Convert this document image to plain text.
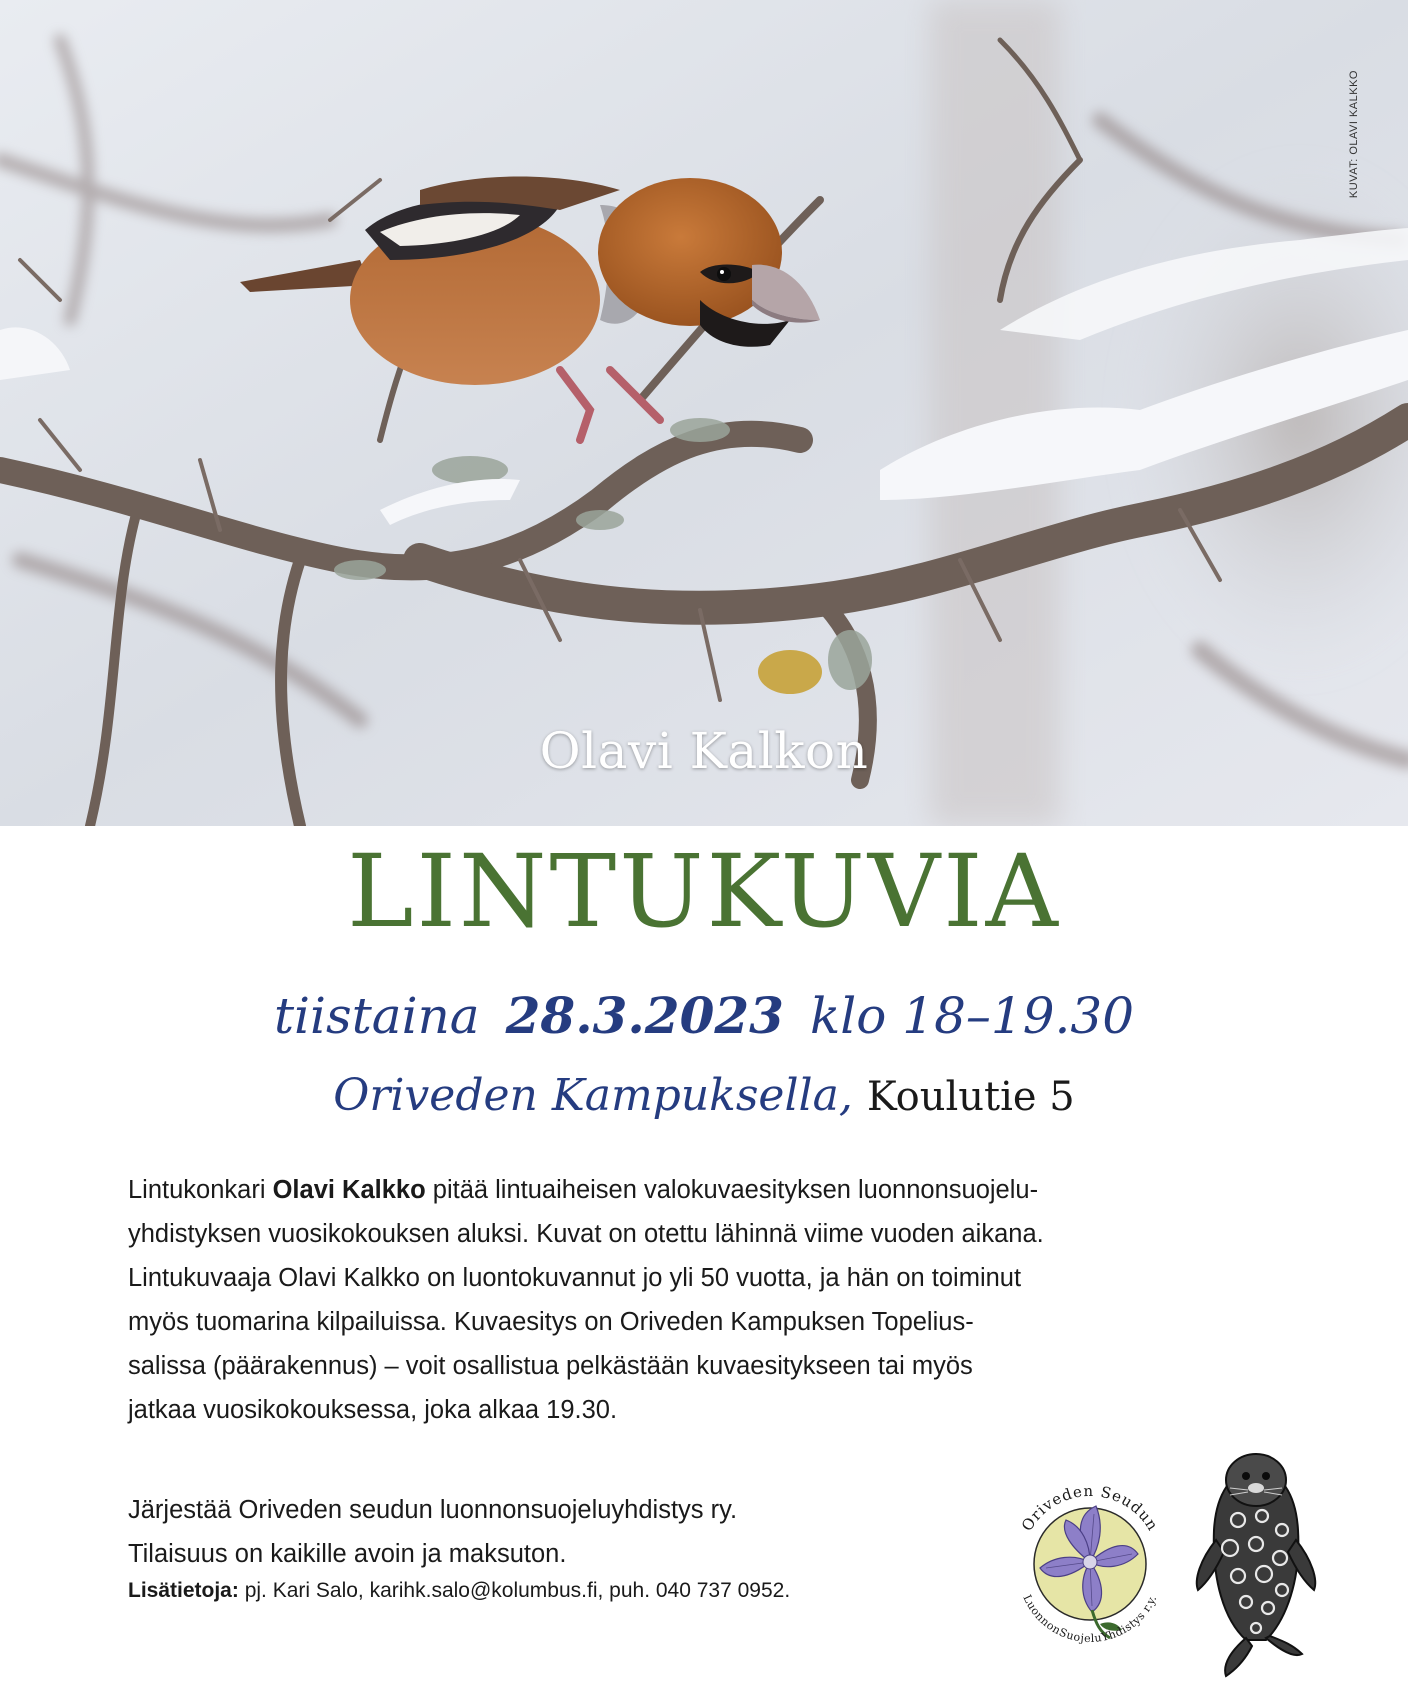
KUVAT: OLAVI KALKKO
Olavi Kalkon
LINTUKUVIA
tiistaina 28.3.2023 klo 18–19.30
Oriveden Kampuksella, Koulutie 5
Lintukonkari Olavi Kalkko pitää lintuaiheisen valokuvaesityksen luonnonsuojelu-
yhdistyksen vuosikokouksen aluksi. Kuvat on otettu lähinnä viime vuoden aikana.
Lintukuvaaja Olavi Kalkko on luontokuvannut jo yli 50 vuotta, ja hän on toiminut
myös tuomarina kilpailuissa. Kuvaesitys on Oriveden Kampuksen Topelius-
salissa (päärakennus) – voit osallistua pelkästään kuvaesitykseen tai myös
jatkaa vuosikokouksessa, joka alkaa 19.30.
Järjestää Oriveden seudun luonnonsuojeluyhdistys ry.
Tilaisuus on kaikille avoin ja maksuton.
Lisätietoja: pj. Kari Salo, karihk.salo@kolumbus.fi, puh. 040 737 0952.
Oriveden Seudun
LuonnonSuojeluYhdistys r.y.
